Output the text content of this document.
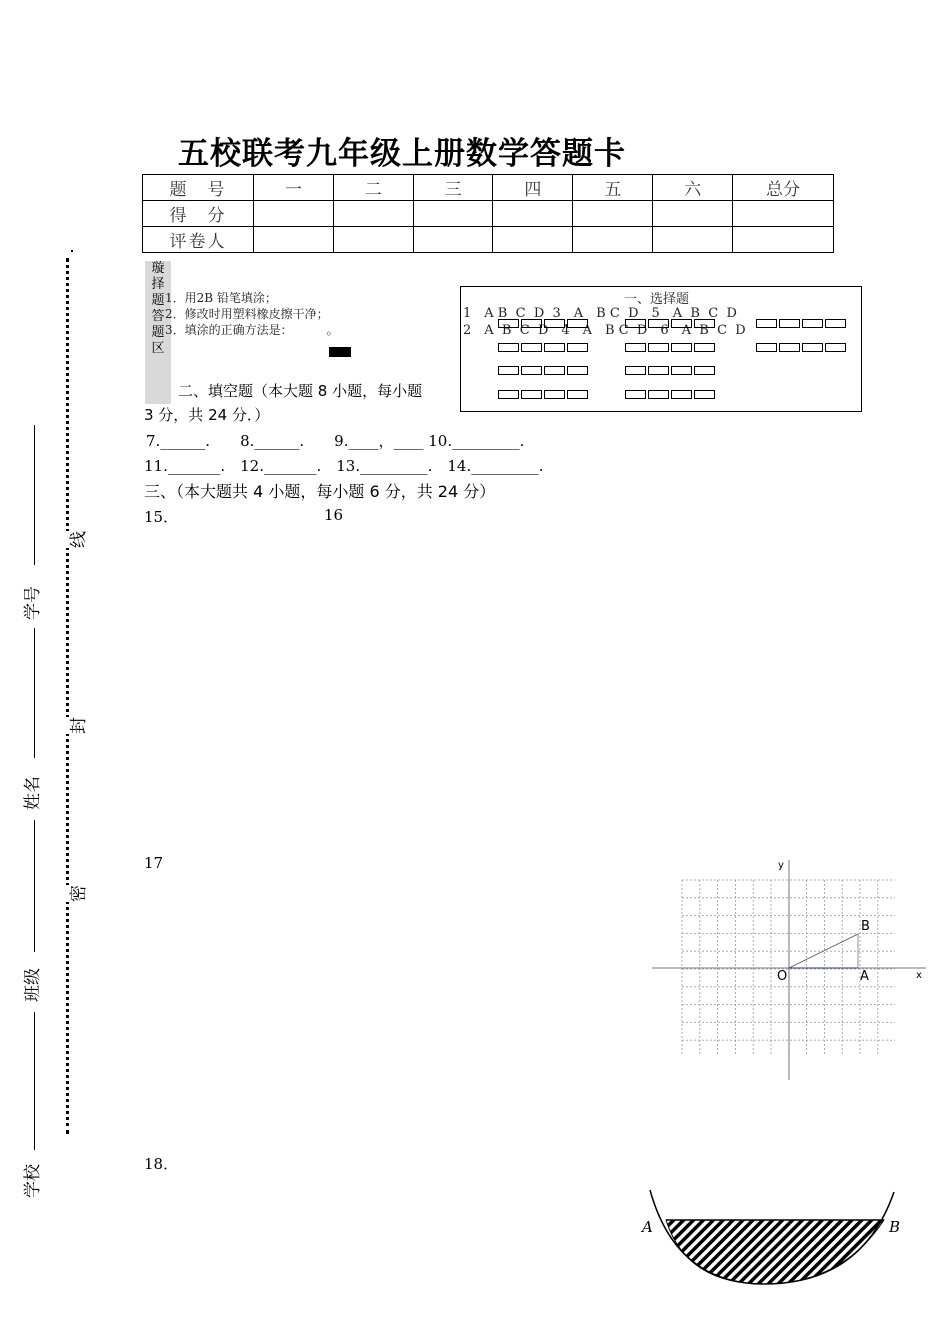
五校联考九年级上册数学答题卡
题　号	一	二	三	四	五	六	总分
得　分							
评卷人							
线
封
密
学号
姓名
班级
学校
璇
择
题
答
题
区
1．用2B 铅笔填涂；
2．修改时用塑料橡皮擦干净；
3．填涂的正确方法是：	。
一、选择题
1　A B  C  D  3　A　B C  D　5　A  B  C  D
2　A  B  C  D　4　A　B C  D　6　A  B  C  D
二、填空题（本大题 8 小题，每小题
3 分，共 24 分．）
7.______.　　8.______.　　9.____，____ 10._________.
11._______.　12._______.　13._________.　14._________.
三、（本大题共 4 小题，每小题 6 分，共 24 分）
15．	16
17
18．
x
y
O	A
B
A	B
